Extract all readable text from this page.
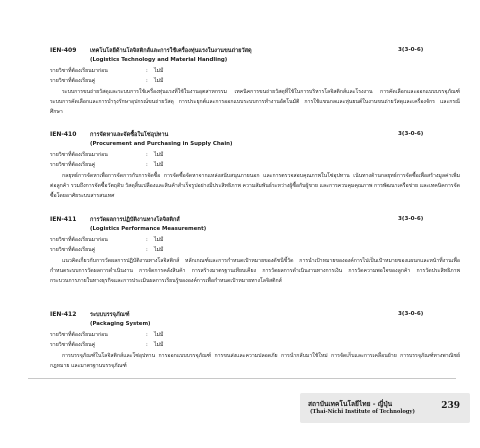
IEN-409 เทคโนโลยีด้านโลจิสติกส์และการใช้เครื่องทุ่นแรงในงานขนถ่ายวัสดุ	3(3-0-6)
(Logistics Technology and Material Handling)
รายวิชาที่ต้องเรียนมาก่อน	: ไม่มี
รายวิชาที่ต้องเรียนคู่	: ไม่มี
ระบบการขนถ่ายวัสดุและระบบการใช้เครื่องทุ่นแรงที่ใช้ในงานอุตสาหกรรม เทคนิคการขนถ่ายวัสดุที่ใช้ในการบริหารโลจิสติกส์และโรงงาน การคัดเลือกและออกแบบบรรจุภัณฑ์ ระบบการคัดเลือกและการบำรุงรักษาอุปกรณ์ขนถ่ายวัสดุ การประยุกต์และการออกแบบระบบการทำงานอัตโนมัติ การใช้แขนกลและหุ่นยนต์ในงานขนถ่ายวัสดุและเครื่องจักร และกรณีศึกษา
IEN-410 การจัดหาและจัดซื้อในโซ่อุปทาน	3(3-0-6)
(Procurement and Purchasing in Supply Chain)
รายวิชาที่ต้องเรียนมาก่อน	: ไม่มี
รายวิชาที่ต้องเรียนคู่	: ไม่มี
กลยุทธ์การจัดหาเพื่อการจัดการกับการจัดซื้อ การจัดซื้อจัดหาจากแหล่งสนับสนุนภายนอก และการตรวจสอบคุณภาพในโซ่อุปทาน เน้นทางด้านกลยุทธ์การจัดซื้อเพื่อสร้างมูลค่าเพิ่มต่อลูกค้า รวมถึงการจัดซื้อวัตถุดิบ วัสดุสิ้นเปลืองและสินค้าสำเร็จรูปอย่างมีประสิทธิภาพ ความสัมพันธ์ระหว่างผู้ซื้อกับผู้ขาย และการควบคุมคุณภาพ การพัฒนาเครือข่าย และเทคนิคการจัดซื้อโดยอาศัยระบบสารสนเทศ
IEN-411 การวัดผลการปฏิบัติงานทางโลจิสติกส์	3(3-0-6)
(Logistics Performance Measurement)
รายวิชาที่ต้องเรียนมาก่อน	: ไม่มี
รายวิชาที่ต้องเรียนคู่	: ไม่มี
แนวคิดเกี่ยวกับการวัดผลการปฏิบัติงานทางโลจิสติกส์ หลักเกณฑ์และการกำหนดเป้าหมายของดัชนีชี้วัด การนำเป้าหมายขององค์การไปเป็นเป้าหมายของแผนกและหน้าที่งานเพื่อกำหนดระบบการวัดผลการดำเนินงาน การจัดการคลังสินค้า การสร้างมาตรฐานเทียบเคียง การวัดผลการดำเนินงานทางการเงิน การวัดความพอใจของลูกค้า การวัดประสิทธิภาพ กระบวนการภายในทางธุรกิจและการประเมินผลการเรียนรู้ขององค์การเพื่อกำหนดเป้าหมายทางโลจิสติกส์
IEN-412 ระบบบรรจุภัณฑ์	3(3-0-6)
(Packaging System)
รายวิชาที่ต้องเรียนมาก่อน	: ไม่มี
รายวิชาที่ต้องเรียนคู่	: ไม่มี
การบรรจุภัณฑ์ในโลจิสติกส์และโซ่อุปทาน การออกแบบบรรจุภัณฑ์ การขนส่งและความปลอดภัย การนำกลับมาใช้ใหม่ การจัดเก็บและการเคลื่อนย้าย การบรรจุภัณฑ์ทางพาณิชย์ กฎหมาย และมาตรฐานบรรจุภัณฑ์
สถาบันเทคโนโลยีไทย - ญี่ปุ่น
(Thai-Nichi Institute of Technology)
239
